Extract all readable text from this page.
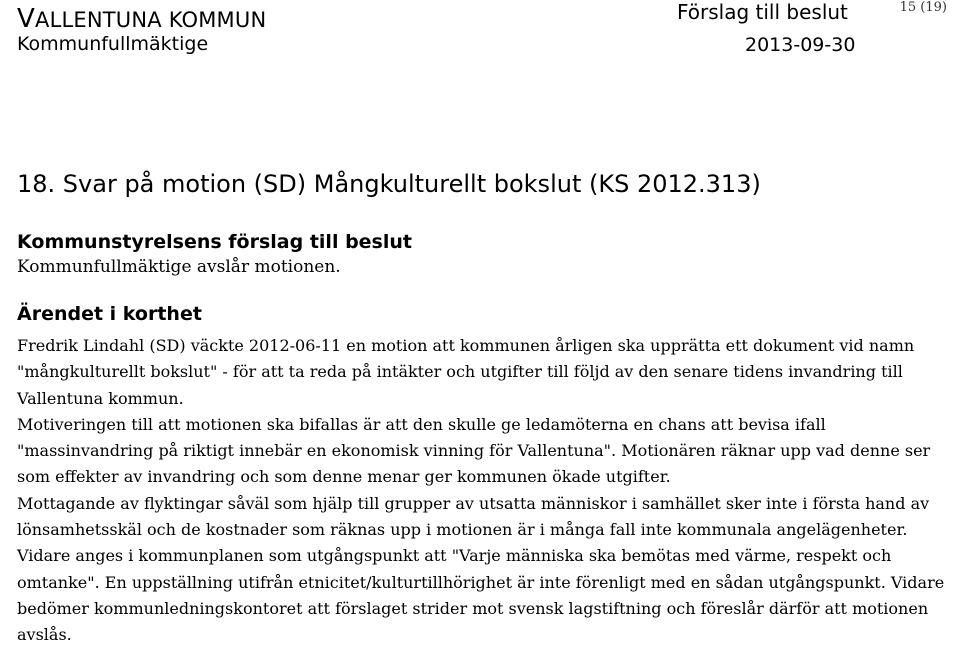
VALLENTUNA KOMMUN
Kommunfullmäktige
Förslag till beslut	15 (19)
2013-09-30
18. Svar på motion (SD) Mångkulturellt bokslut (KS 2012.313)
Kommunstyrelsens förslag till beslut
Kommunfullmäktige avslår motionen.
Ärendet i korthet

Fredrik Lindahl (SD) väckte 2012-06-11 en motion att kommunen årligen ska upprätta ett dokument vid namn "mångkulturellt bokslut" - för att ta reda på intäkter och utgifter till följd av den senare tidens invandring till Vallentuna kommun.

Motiveringen till att motionen ska bifallas är att den skulle ge ledamöterna en chans att bevisa ifall "massinvandring på riktigt innebär en ekonomisk vinning för Vallentuna". Motionären räknar upp vad denne ser som effekter av invandring och som denne menar ger kommunen ökade utgifter.

Mottagande av flyktingar såväl som hjälp till grupper av utsatta människor i samhället sker inte i första hand av lönsamhetsskäl och de kostnader som räknas upp i motionen är i många fall inte kommunala angelägenheter. Vidare anges i kommunplanen som utgångspunkt att "Varje människa ska bemötas med värme, respekt och omtanke". En uppställning utifrån etnicitet/kulturtillhörighet är inte förenligt med en sådan utgångspunkt. Vidare bedömer kommunledningskontoret att förslaget strider mot svensk lagstiftning och föreslår därför att motionen avslås.
